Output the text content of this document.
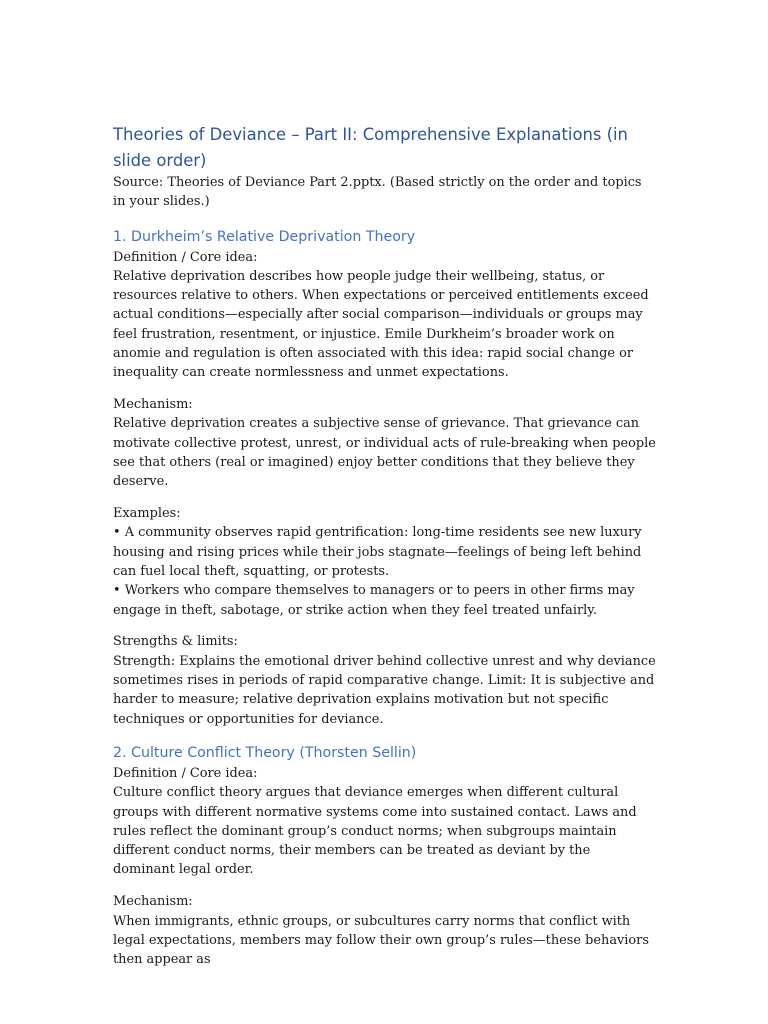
Theories of Deviance – Part II: Comprehensive Explanations (in slide order)
Source: Theories of Deviance Part 2.pptx. (Based strictly on the order and topics in your slides.)
1. Durkheim’s Relative Deprivation Theory
Definition / Core idea:
Relative deprivation describes how people judge their wellbeing, status, or resources relative to others. When expectations or perceived entitlements exceed actual conditions—especially after social comparison—individuals or groups may feel frustration, resentment, or injustice. Emile Durkheim’s broader work on anomie and regulation is often associated with this idea: rapid social change or inequality can create normlessness and unmet expectations.
Mechanism:
Relative deprivation creates a subjective sense of grievance. That grievance can motivate collective protest, unrest, or individual acts of rule-breaking when people see that others (real or imagined) enjoy better conditions that they believe they deserve.
Examples:
• A community observes rapid gentrification: long-time residents see new luxury housing and rising prices while their jobs stagnate—feelings of being left behind can fuel local theft, squatting, or protests.
• Workers who compare themselves to managers or to peers in other firms may engage in theft, sabotage, or strike action when they feel treated unfairly.
Strengths & limits:
Strength: Explains the emotional driver behind collective unrest and why deviance sometimes rises in periods of rapid comparative change. Limit: It is subjective and harder to measure; relative deprivation explains motivation but not specific techniques or opportunities for deviance.
2. Culture Conflict Theory (Thorsten Sellin)
Definition / Core idea:
Culture conflict theory argues that deviance emerges when different cultural groups with different normative systems come into sustained contact. Laws and rules reflect the dominant group’s conduct norms; when subgroups maintain different conduct norms, their members can be treated as deviant by the dominant legal order.
Mechanism:
When immigrants, ethnic groups, or subcultures carry norms that conflict with legal expectations, members may follow their own group’s rules—these behaviors then appear as
